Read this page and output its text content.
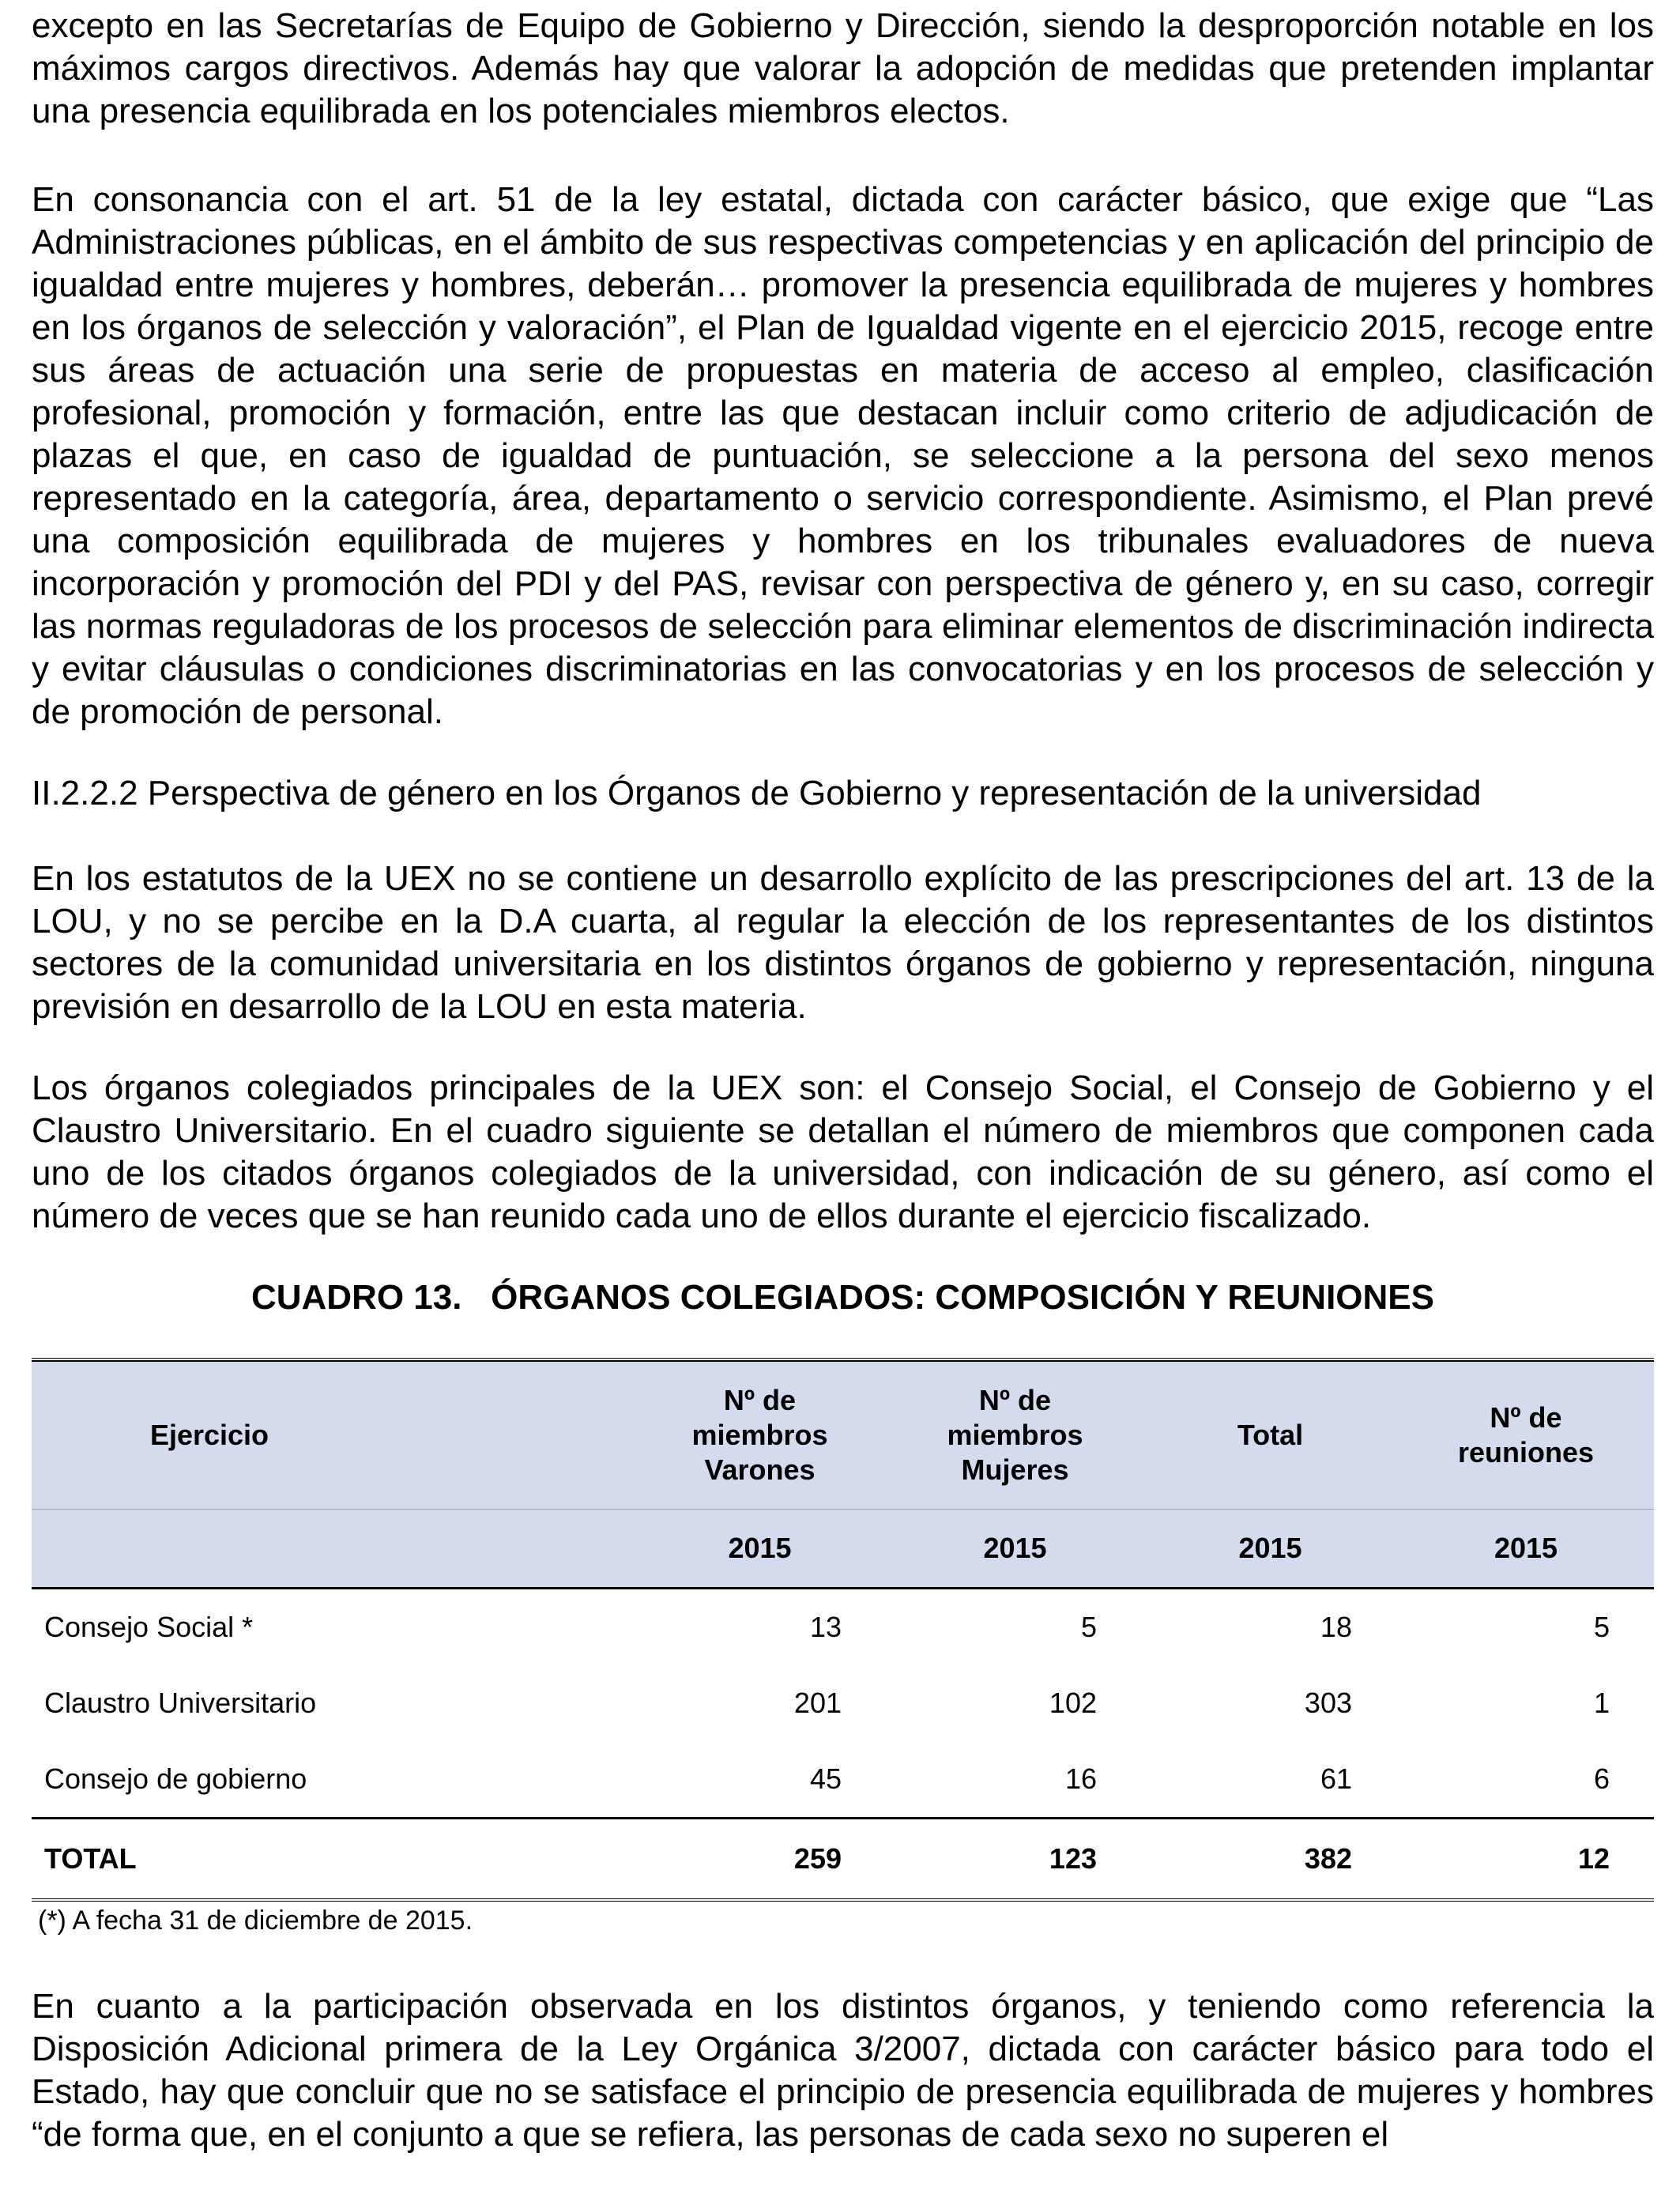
excepto en las Secretarías de Equipo de Gobierno y Dirección, siendo la desproporción notable en los máximos cargos directivos. Además hay que valorar la adopción de medidas que pretenden implantar una presencia equilibrada en los potenciales miembros electos.

En consonancia con el art. 51 de la ley estatal, dictada con carácter básico, que exige que “Las Administraciones públicas, en el ámbito de sus respectivas competencias y en aplicación del principio de igualdad entre mujeres y hombres, deberán… promover la presencia equilibrada de mujeres y hombres en los órganos de selección y valoración”, el Plan de Igualdad vigente en el ejercicio 2015, recoge entre sus áreas de actuación una serie de propuestas en materia de acceso al empleo, clasificación profesional, promoción y formación, entre las que destacan incluir como criterio de adjudicación de plazas el que, en caso de igualdad de puntuación, se seleccione a la persona del sexo menos representado en la categoría, área, departamento o servicio correspondiente. Asimismo, el Plan prevé una composición equilibrada de mujeres y hombres en los tribunales evaluadores de nueva incorporación y promoción del PDI y del PAS, revisar con perspectiva de género y, en su caso, corregir las normas reguladoras de los procesos de selección para eliminar elementos de discriminación indirecta y evitar cláusulas o condiciones discriminatorias en las convocatorias y en los procesos de selección y de promoción de personal.

II.2.2.2 Perspectiva de género en los Órganos de Gobierno y representación de la universidad

En los estatutos de la UEX no se contiene un desarrollo explícito de las prescripciones del art. 13 de la LOU, y no se percibe en la D.A cuarta, al regular la elección de los representantes de los distintos sectores de la comunidad universitaria en los distintos órganos de gobierno y representación, ninguna previsión en desarrollo de la LOU en esta materia.

Los órganos colegiados principales de la UEX son: el Consejo Social, el Consejo de Gobierno y el Claustro Universitario. En el cuadro siguiente se detallan el número de miembros que componen cada uno de los citados órganos colegiados de la universidad, con indicación de su género, así como el número de veces que se han reunido cada uno de ellos durante el ejercicio fiscalizado.

CUADRO 13.   ÓRGANOS COLEGIADOS: COMPOSICIÓN Y REUNIONES

Ejercicio	Nº de miembros Varones	Nº de miembros Mujeres	Total	Nº de reuniones
	2015	2015	2015	2015
Consejo Social *	13	5	18	5
Claustro Universitario	201	102	303	1
Consejo de gobierno	45	16	61	6
TOTAL	259	123	382	12

(*) A fecha 31 de diciembre de 2015.

En cuanto a la participación observada en los distintos órganos, y teniendo como referencia la Disposición Adicional primera de la Ley Orgánica 3/2007, dictada con carácter básico para todo el Estado, hay que concluir que no se satisface el principio de presencia equilibrada de mujeres y hombres “de forma que, en el conjunto a que se refiera, las personas de cada sexo no superen el
